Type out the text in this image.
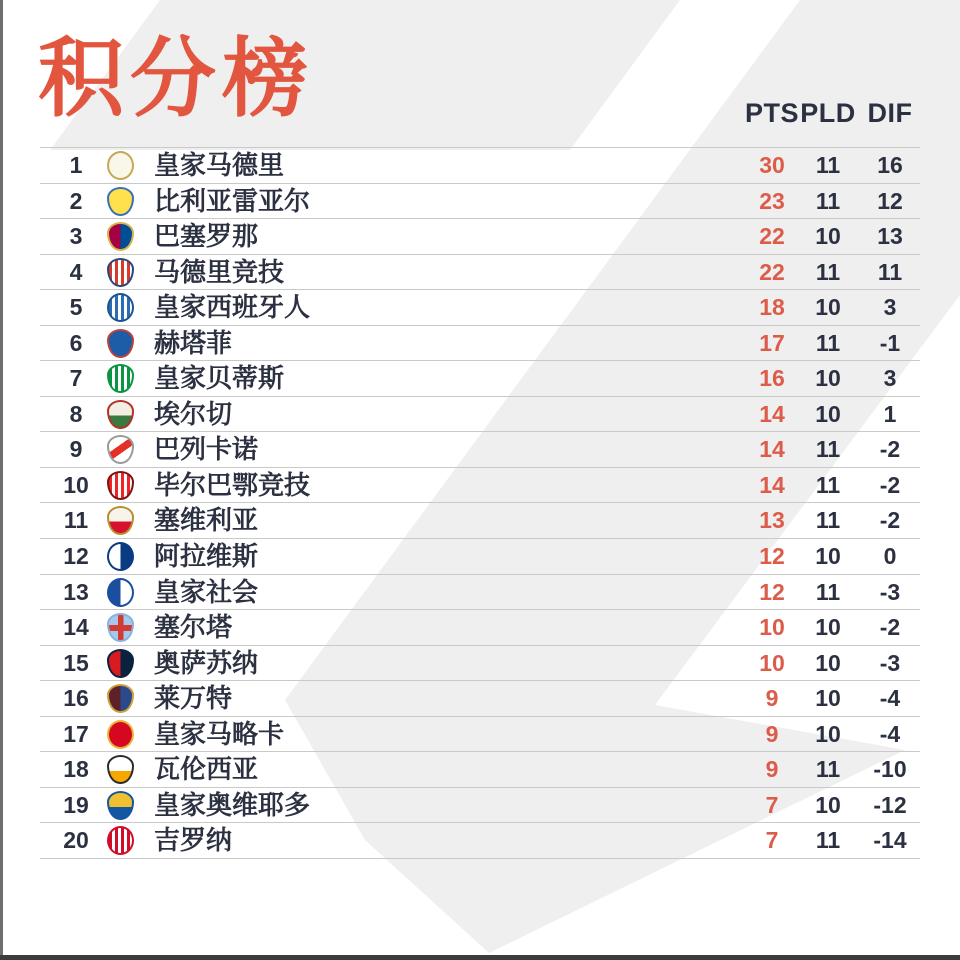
积分榜	PTS PLD DIF
1	皇家马德里	30	11	16
2	比利亚雷亚尔	23	11	12
3	巴塞罗那	22	10	13
4	马德里竞技	22	11	11
5	皇家西班牙人	18	10	3
6	赫塔菲	17	11	-1
7	皇家贝蒂斯	16	10	3
8	埃尔切	14	10	1
9	巴列卡诺	14	11	-2
10	毕尔巴鄂竞技	14	11	-2
11	塞维利亚	13	11	-2
12	阿拉维斯	12	10	0
13	皇家社会	12	11	-3
14	塞尔塔	10	10	-2
15	奥萨苏纳	10	10	-3
16	莱万特	9	10	-4
17	皇家马略卡	9	10	-4
18	瓦伦西亚	9	11	-10
19	皇家奥维耶多	7	10	-12
20	吉罗纳	7	11	-14
